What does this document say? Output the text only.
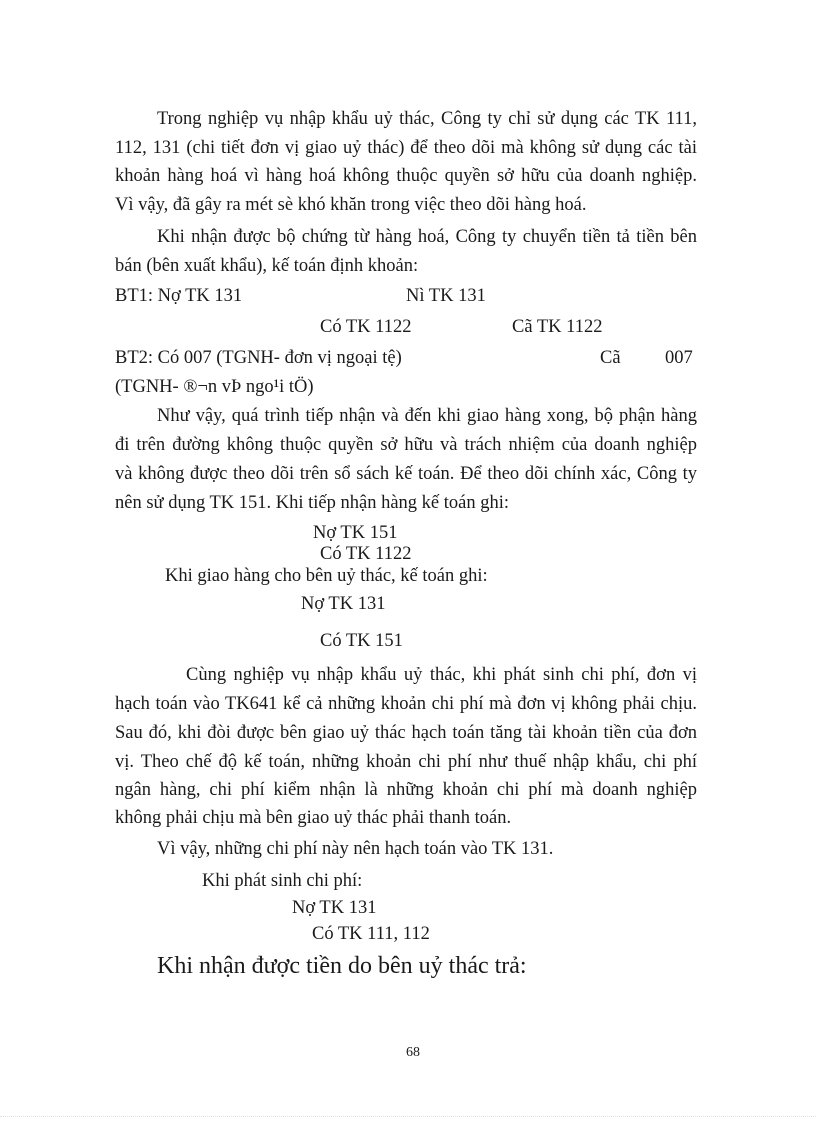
Trong nghiệp vụ nhập khẩu uỷ thác, Công ty chỉ sử dụng các TK 111,
112, 131 (chi tiết đơn vị giao uỷ thác) để theo dõi mà không sử dụng các tài
khoản hàng hoá vì hàng hoá không thuộc quyền sở hữu của doanh nghiệp.
Vì vậy, đã gây ra mét sè khó khăn trong việc theo dõi hàng hoá.
Khi nhận được bộ chứng từ hàng hoá, Công ty chuyển tiền tả tiền bên
bán (bên xuất khẩu), kế toán định khoản:
BT1: Nợ TK 131	Nì TK 131
Có TK 1122	Cã TK 1122
BT2: Có 007 (TGNH- đơn vị ngoại tệ)	Cã 007
(TGNH- ®¬n vÞ ngo¹i tÖ)
Như vậy, quá trình tiếp nhận và đến khi giao hàng xong, bộ phận hàng
đi trên đường không thuộc quyền sở hữu và trách nhiệm của doanh nghiệp
và không được theo dõi trên sổ sách kế toán. Để theo dõi chính xác, Công ty
nên sử dụng TK 151. Khi tiếp nhận hàng kế toán ghi:
Nợ TK 151
Có TK 1122
Khi giao hàng cho bên uỷ thác, kế toán ghi:
Nợ TK 131
Có TK 151
Cùng nghiệp vụ nhập khẩu uỷ thác, khi phát sinh chi phí, đơn vị
hạch toán vào TK641 kể cả những khoản chi phí mà đơn vị không phải chịu.
Sau đó, khi đòi được bên giao uỷ thác hạch toán tăng tài khoản tiền của đơn
vị. Theo chế độ kế toán, những khoản chi phí như thuế nhập khẩu, chi phí
ngân hàng, chi phí kiểm nhận là những khoản chi phí mà doanh nghiệp
không phải chịu mà bên giao uỷ thác phải thanh toán.
Vì vậy, những chi phí này nên hạch toán vào TK 131.
Khi phát sinh chi phí:
Nợ TK 131
Có TK 111, 112
Khi nhận được tiền do bên uỷ thác trả:
68
